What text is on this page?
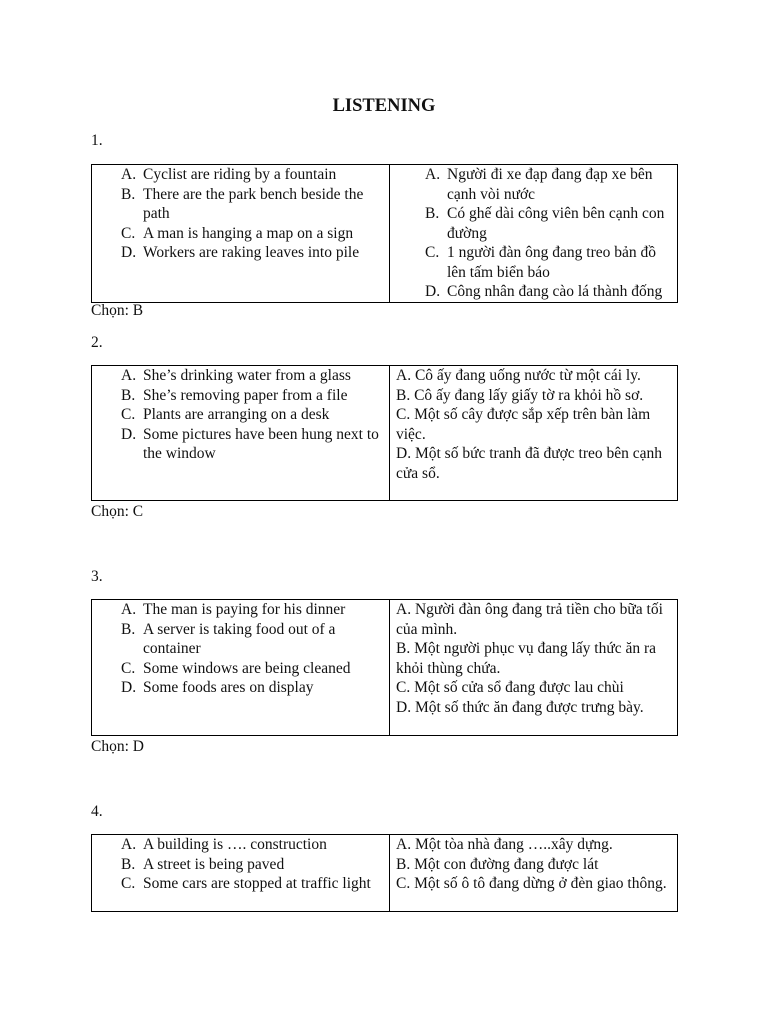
LISTENING

1.

A. Cyclist are riding by a fountain
B. There are the park bench beside the path
C. A man is hanging a map on a sign
D. Workers are raking leaves into pile

A. Người đi xe đạp đang đạp xe bên cạnh vòi nước
B. Có ghế dài công viên bên cạnh con đường
C. 1 người đàn ông đang treo bản đồ lên tấm biển báo
D. Công nhân đang cào lá thành đống

Chọn: B

2.

A. She’s drinking water from a glass
B. She’s removing paper from a file
C. Plants are arranging on a desk
D. Some pictures have been hung next to the window

A. Cô ấy đang uống nước từ một cái ly.
B. Cô ấy đang lấy giấy tờ ra khỏi hồ sơ.
C. Một số cây được sắp xếp trên bàn làm việc.
D. Một số bức tranh đã được treo bên cạnh cửa sổ.

Chọn: C

3.

A. The man is paying for his dinner
B. A server is taking food out of a container
C. Some windows are being cleaned
D. Some foods ares on display

A. Người đàn ông đang trả tiền cho bữa tối của mình.
B. Một người phục vụ đang lấy thức ăn ra khỏi thùng chứa.
C. Một số cửa sổ đang được lau chùi
D. Một số thức ăn đang được trưng bày.

Chọn: D

4.

A. A building is …. construction
B. A street is being paved
C. Some cars are stopped at traffic light

A. Một tòa nhà đang …..xây dựng.
B. Một con đường đang được lát
C. Một số ô tô đang dừng ở đèn giao thông.
